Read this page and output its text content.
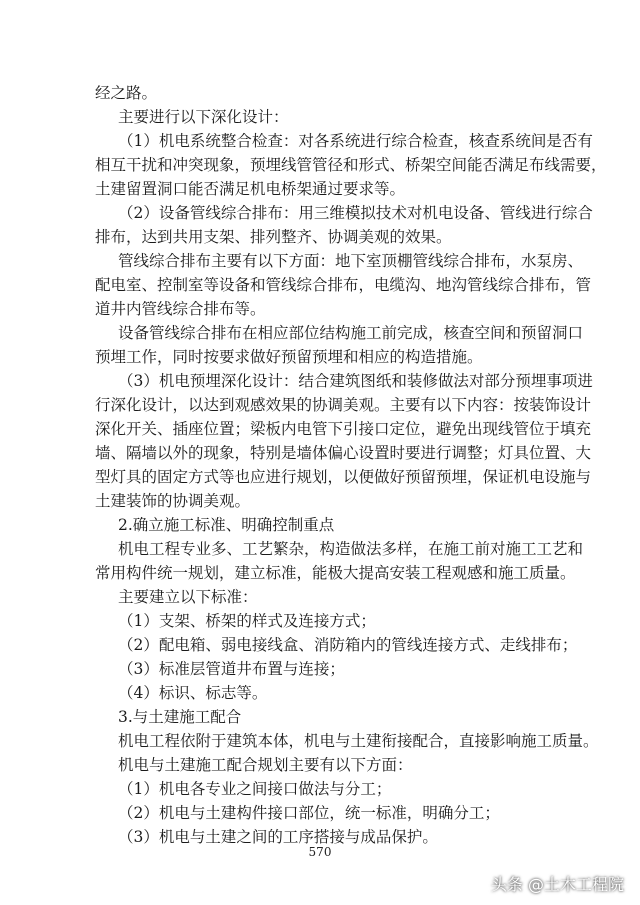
经之路。
主要进行以下深化设计：
（1）机电系统整合检查：对各系统进行综合检查，核查系统间是否有
相互干扰和冲突现象，预埋线管管径和形式、桥架空间能否满足布线需要，
土建留置洞口能否满足机电桥架通过要求等。
（2）设备管线综合排布：用三维模拟技术对机电设备、管线进行综合
排布，达到共用支架、排列整齐、协调美观的效果。
管线综合排布主要有以下方面：地下室顶棚管线综合排布，水泵房、
配电室、控制室等设备和管线综合排布，电缆沟、地沟管线综合排布，管
道井内管线综合排布等。
设备管线综合排布在相应部位结构施工前完成，核查空间和预留洞口
预埋工作，同时按要求做好预留预埋和相应的构造措施。
（3）机电预埋深化设计：结合建筑图纸和装修做法对部分预埋事项进
行深化设计，以达到观感效果的协调美观。主要有以下内容：按装饰设计
深化开关、插座位置；梁板内电管下引接口定位，避免出现线管位于填充
墙、隔墙以外的现象，特别是墙体偏心设置时要进行调整；灯具位置、大
型灯具的固定方式等也应进行规划，以便做好预留预埋，保证机电设施与
土建装饰的协调美观。
2.确立施工标准、明确控制重点
机电工程专业多、工艺繁杂，构造做法多样，在施工前对施工工艺和
常用构件统一规划，建立标准，能极大提高安装工程观感和施工质量。
主要建立以下标准：
（1）支架、桥架的样式及连接方式；
（2）配电箱、弱电接线盒、消防箱内的管线连接方式、走线排布；
（3）标准层管道井布置与连接；
（4）标识、标志等。
3.与土建施工配合
机电工程依附于建筑本体，机电与土建衔接配合，直接影响施工质量。
机电与土建施工配合规划主要有以下方面：
（1）机电各专业之间接口做法与分工；
（2）机电与土建构件接口部位，统一标准，明确分工；
（3）机电与土建之间的工序搭接与成品保护。
570
头条 @土木工程院
